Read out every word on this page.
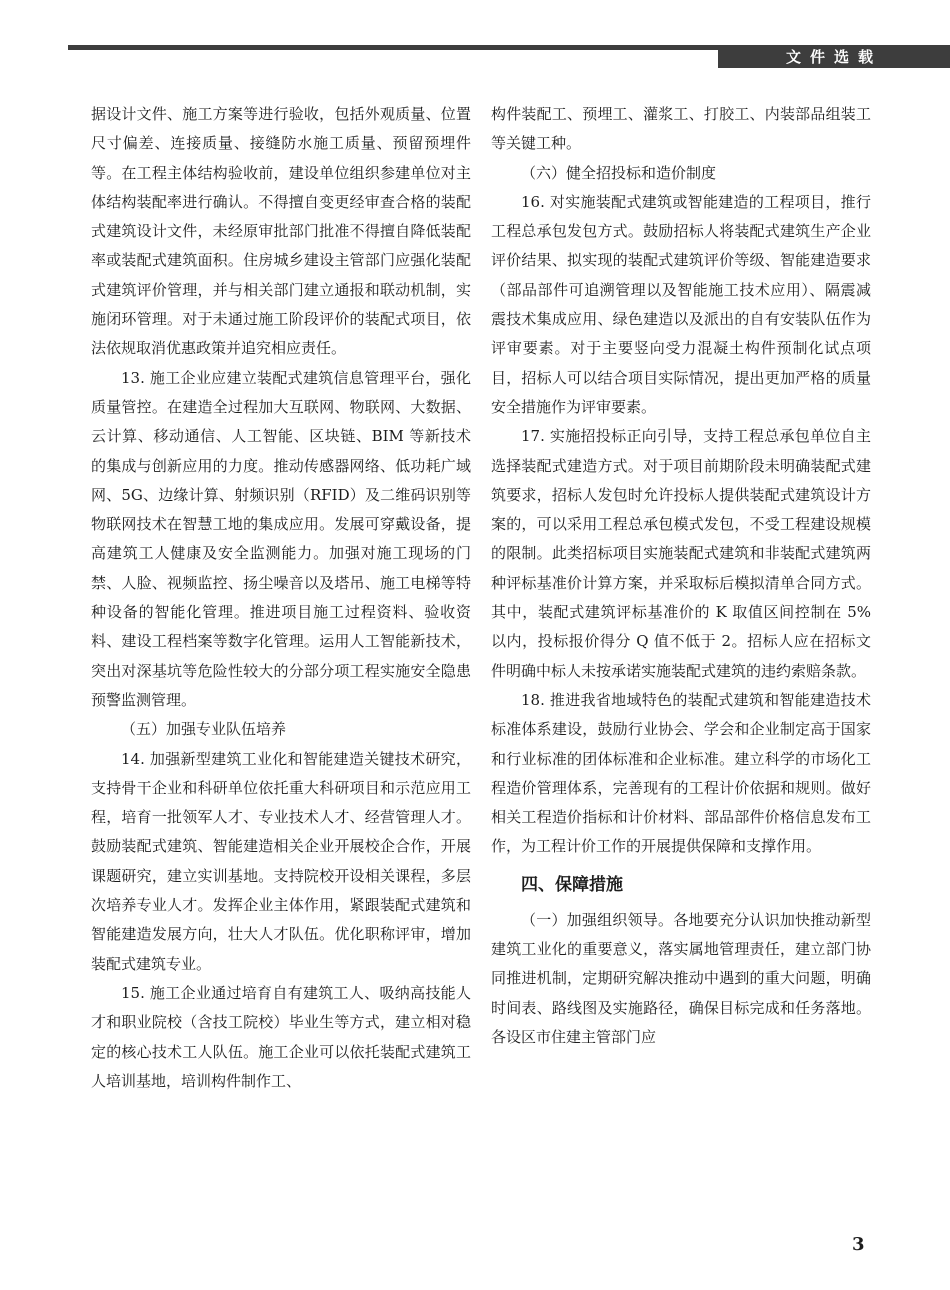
文件选载

据设计文件、施工方案等进行验收，包括外观质量、位置尺寸偏差、连接质量、接缝防水施工质量、预留预埋件等。在工程主体结构验收前，建设单位组织参建单位对主体结构装配率进行确认。不得擅自变更经审查合格的装配式建筑设计文件，未经原审批部门批准不得擅自降低装配率或装配式建筑面积。住房城乡建设主管部门应强化装配式建筑评价管理，并与相关部门建立通报和联动机制，实施闭环管理。对于未通过施工阶段评价的装配式项目，依法依规取消优惠政策并追究相应责任。

13. 施工企业应建立装配式建筑信息管理平台，强化质量管控。在建造全过程加大互联网、物联网、大数据、云计算、移动通信、人工智能、区块链、BIM 等新技术的集成与创新应用的力度。推动传感器网络、低功耗广域网、5G、边缘计算、射频识别（RFID）及二维码识别等物联网技术在智慧工地的集成应用。发展可穿戴设备，提高建筑工人健康及安全监测能力。加强对施工现场的门禁、人脸、视频监控、扬尘噪音以及塔吊、施工电梯等特种设备的智能化管理。推进项目施工过程资料、验收资料、建设工程档案等数字化管理。运用人工智能新技术，突出对深基坑等危险性较大的分部分项工程实施安全隐患预警监测管理。

（五）加强专业队伍培养

14. 加强新型建筑工业化和智能建造关键技术研究，支持骨干企业和科研单位依托重大科研项目和示范应用工程，培育一批领军人才、专业技术人才、经营管理人才。鼓励装配式建筑、智能建造相关企业开展校企合作，开展课题研究，建立实训基地。支持院校开设相关课程，多层次培养专业人才。发挥企业主体作用，紧跟装配式建筑和智能建造发展方向，壮大人才队伍。优化职称评审，增加装配式建筑专业。

15. 施工企业通过培育自有建筑工人、吸纳高技能人才和职业院校（含技工院校）毕业生等方式，建立相对稳定的核心技术工人队伍。施工企业可以依托装配式建筑工人培训基地，培训构件制作工、

构件装配工、预埋工、灌浆工、打胶工、内装部品组装工等关键工种。

（六）健全招投标和造价制度

16. 对实施装配式建筑或智能建造的工程项目，推行工程总承包发包方式。鼓励招标人将装配式建筑生产企业评价结果、拟实现的装配式建筑评价等级、智能建造要求（部品部件可追溯管理以及智能施工技术应用）、隔震减震技术集成应用、绿色建造以及派出的自有安装队伍作为评审要素。对于主要竖向受力混凝土构件预制化试点项目，招标人可以结合项目实际情况，提出更加严格的质量安全措施作为评审要素。

17. 实施招投标正向引导，支持工程总承包单位自主选择装配式建造方式。对于项目前期阶段未明确装配式建筑要求，招标人发包时允许投标人提供装配式建筑设计方案的，可以采用工程总承包模式发包，不受工程建设规模的限制。此类招标项目实施装配式建筑和非装配式建筑两种评标基准价计算方案，并采取标后模拟清单合同方式。其中，装配式建筑评标基准价的 K 取值区间控制在 5% 以内，投标报价得分 Q 值不低于 2。招标人应在招标文件明确中标人未按承诺实施装配式建筑的违约索赔条款。

18. 推进我省地域特色的装配式建筑和智能建造技术标准体系建设，鼓励行业协会、学会和企业制定高于国家和行业标准的团体标准和企业标准。建立科学的市场化工程造价管理体系，完善现有的工程计价依据和规则。做好相关工程造价指标和计价材料、部品部件价格信息发布工作，为工程计价工作的开展提供保障和支撑作用。

四、保障措施

（一）加强组织领导。各地要充分认识加快推动新型建筑工业化的重要意义，落实属地管理责任，建立部门协同推进机制，定期研究解决推动中遇到的重大问题，明确时间表、路线图及实施路径，确保目标完成和任务落地。各设区市住建主管部门应

3
